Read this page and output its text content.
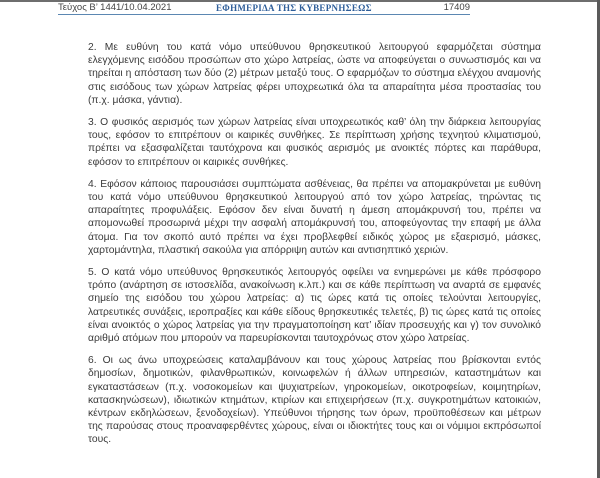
Τεύχος Β’ 1441/10.04.2021	ΕΦΗΜΕΡΙΔΑ ΤΗΣ ΚΥΒΕΡΝΗΣΕΩΣ	17409

2. Με ευθύνη του κατά νόμο υπεύθυνου θρησκευτικού λειτουργού εφαρμόζεται σύστημα ελεγχόμενης εισόδου προσώπων στο χώρο λατρείας, ώστε να αποφεύγεται ο συνωστισμός και να τηρείται η απόσταση των δύο (2) μέτρων μεταξύ τους. Ο εφαρμόζων το σύστημα ελέγχου αναμονής στις εισόδους των χώρων λατρείας φέρει υποχρεωτικά όλα τα απαραίτητα μέσα προστασίας του (π.χ. μάσκα, γάντια).

3. Ο φυσικός αερισμός των χώρων λατρείας είναι υποχρεωτικός καθ’ όλη την διάρκεια λειτουργίας τους, εφόσον το επιτρέπουν οι καιρικές συνθήκες. Σε περίπτωση χρήσης τεχνητού κλιματισμού, πρέπει να εξασφαλίζεται ταυτόχρονα και φυσικός αερισμός με ανοικτές πόρτες και παράθυρα, εφόσον το επιτρέπουν οι καιρικές συνθήκες.

4. Εφόσον κάποιος παρουσιάσει συμπτώματα ασθένειας, θα πρέπει να απομακρύνεται με ευθύνη του κατά νόμο υπεύθυνου θρησκευτικού λειτουργού από τον χώρο λατρείας, τηρώντας τις απαραίτητες προφυλάξεις. Εφόσον δεν είναι δυνατή η άμεση απομάκρυνσή του, πρέπει να απομονωθεί προσωρινά μέχρι την ασφαλή απομάκρυνσή του, αποφεύγοντας την επαφή με άλλα άτομα. Για τον σκοπό αυτό πρέπει να έχει προβλεφθεί ειδικός χώρος με εξαερισμό, μάσκες, χαρτομάντηλα, πλαστική σακούλα για απόρριψη αυτών και αντισηπτικό χεριών.

5. Ο κατά νόμο υπεύθυνος θρησκευτικός λειτουργός οφείλει να ενημερώνει με κάθε πρόσφορο τρόπο (ανάρτηση σε ιστοσελίδα, ανακοίνωση κ.λπ.) και σε κάθε περίπτωση να αναρτά σε εμφανές σημείο της εισόδου του χώρου λατρείας: α) τις ώρες κατά τις οποίες τελούνται λειτουργίες, λατρευτικές συνάξεις, ιεροπραξίες και κάθε είδους θρησκευτικές τελετές, β) τις ώρες κατά τις οποίες είναι ανοικτός ο χώρος λατρείας για την πραγματοποίηση κατ’ ιδίαν προσευχής και γ) τον συνολικό αριθμό ατόμων που μπορούν να παρευρίσκονται ταυτοχρόνως στον χώρο λατρείας.

6. Οι ως άνω υποχρεώσεις καταλαμβάνουν και τους χώρους λατρείας που βρίσκονται εντός δημοσίων, δημοτικών, φιλανθρωπικών, κοινωφελών ή άλλων υπηρεσιών, καταστημάτων και εγκαταστάσεων (π.χ. νοσοκομείων και ψυχιατρείων, γηροκομείων, οικοτροφείων, κοιμητηρίων, κατασκηνώσεων), ιδιωτικών κτημάτων, κτιρίων και επιχειρήσεων (π.χ. συγκροτημάτων κατοικιών, κέντρων εκδηλώσεων, ξενοδοχείων). Υπεύθυνοι τήρησης των όρων, προϋποθέσεων και μέτρων της παρούσας στους προαναφερθέντες χώρους, είναι οι ιδιοκτήτες τους και οι νόμιμοι εκπρόσωποί τους.
